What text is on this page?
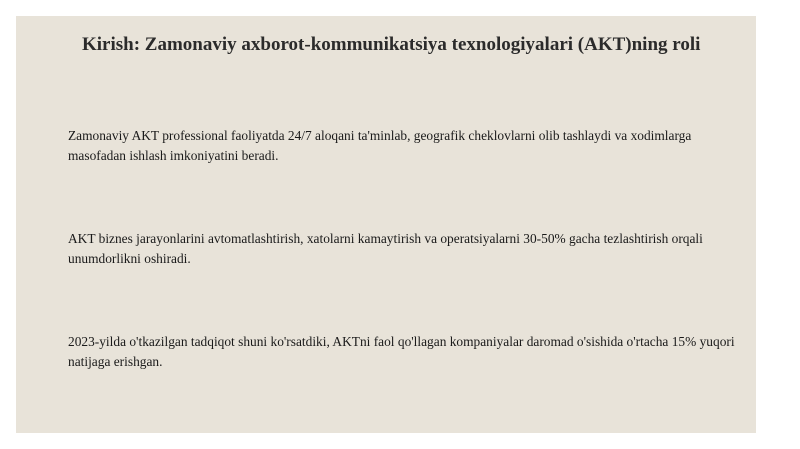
Kirish: Zamonaviy axborot-kommunikatsiya texnologiyalari (AKT)ning roli

Zamonaviy AKT professional faoliyatda 24/7 aloqani ta'minlab, geografik cheklovlarni olib tashlaydi va xodimlarga masofadan ishlash imkoniyatini beradi.

AKT biznes jarayonlarini avtomatlashtirish, xatolarni kamaytirish va operatsiyalarni 30-50% gacha tezlashtirish orqali unumdorlikni oshiradi.

2023-yilda o'tkazilgan tadqiqot shuni ko'rsatdiki, AKTni faol qo'llagan kompaniyalar daromad o'sishida o'rtacha 15% yuqori natijaga erishgan.
